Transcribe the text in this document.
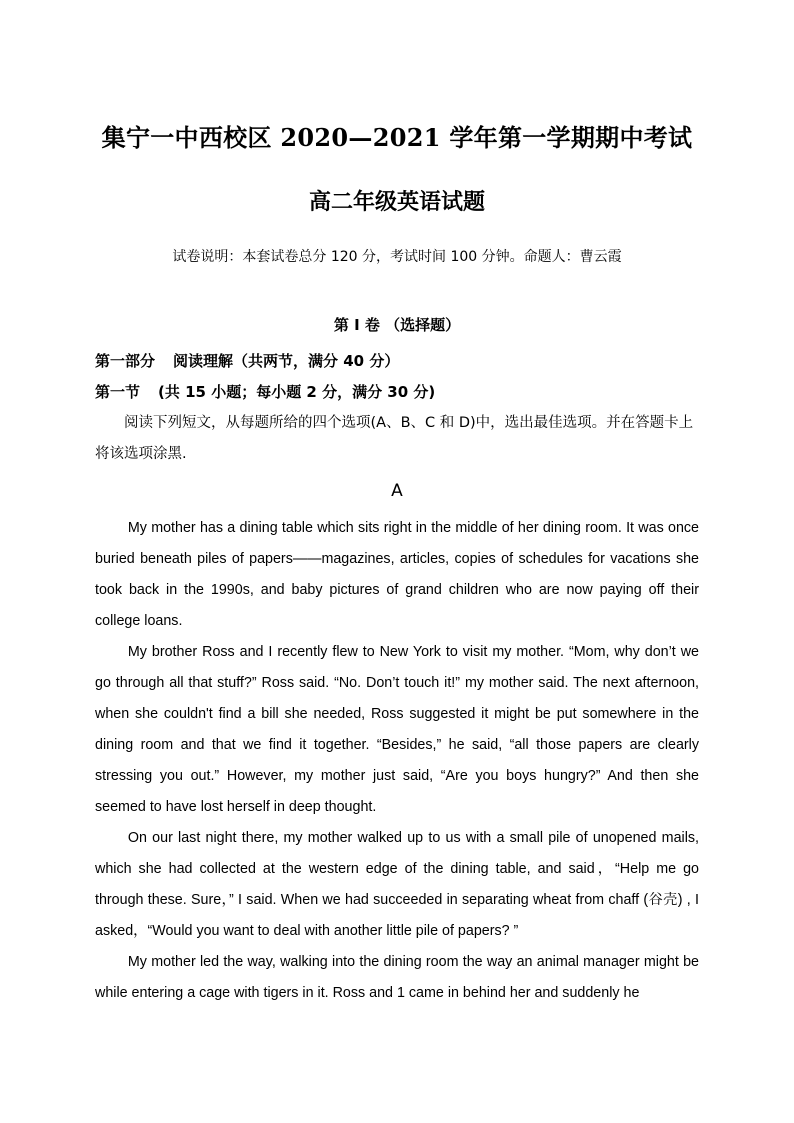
集宁一中西校区 2020—2021 学年第一学期期中考试
高二年级英语试题

试卷说明：本套试卷总分 120 分，考试时间 100 分钟。命题人：曹云霞

第 I 卷 （选择题）

第一部分 阅读理解（共两节，满分 40 分）

第一节 (共 15 小题；每小题 2 分，满分 30 分)

阅读下列短文，从每题所给的四个选项(A、B、C 和 D)中，选出最佳选项。并在答题卡上将该选项涂黑.

A

My mother has a dining table which sits right in the middle of her dining room. It was once buried beneath piles of papers——magazines, articles, copies of schedules for vacations she took back in the 1990s, and baby pictures of grand children who are now paying off their college loans.

My brother Ross and I recently flew to New York to visit my mother. “Mom, why don’t we go through all that stuff?” Ross said. “No. Don’t touch it!” my mother said. The next afternoon, when she couldn't find a bill she needed, Ross suggested it might be put somewhere in the dining room and that we find it together. “Besides,” he said, “all those papers are clearly stressing you out.” However, my mother just said, “Are you boys hungry?” And then she seemed to have lost herself in deep thought.

On our last night there, my mother walked up to us with a small pile of unopened mails, which she had collected at the western edge of the dining table, and said，“Help me go through these. Sure，” I said. When we had succeeded in separating wheat from chaff (谷壳) , I asked，“Would you want to deal with another little pile of papers? ”

My mother led the way, walking into the dining room the way an animal manager might be while entering a cage with tigers in it. Ross and 1 came in behind her and suddenly he
